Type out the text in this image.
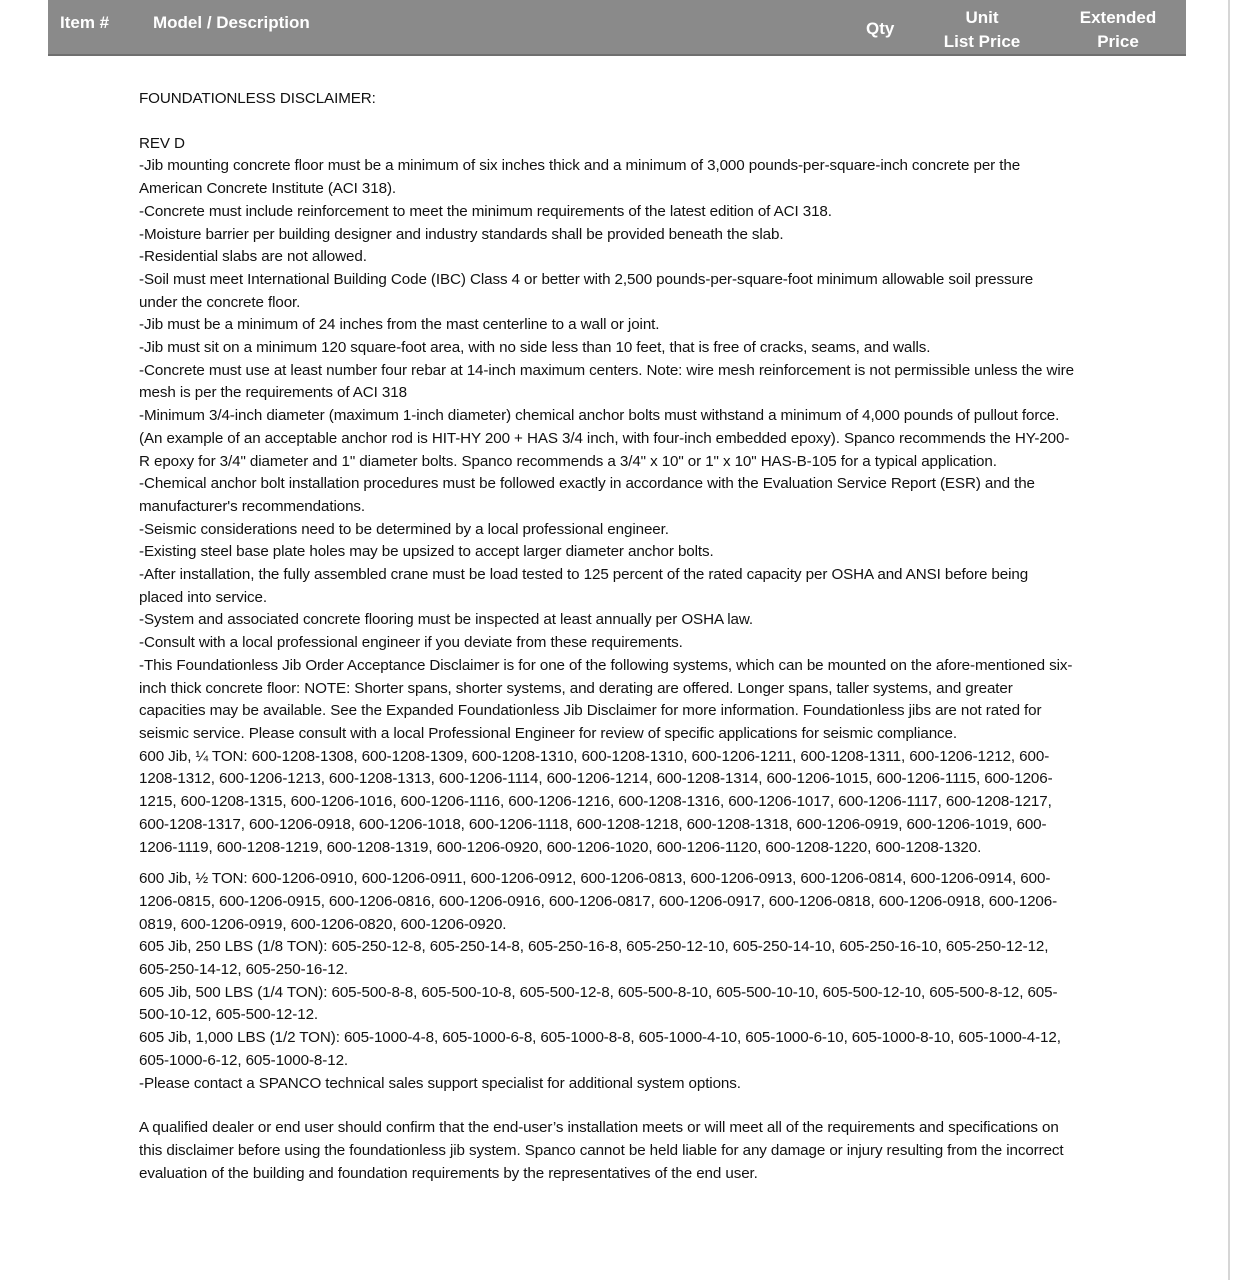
Item #	Model / Description	Qty
Unit
List Price
Extended
Price

FOUNDATIONLESS DISCLAIMER:

REV D

-Jib mounting concrete floor must be a minimum of six inches thick and a minimum of 3,000 pounds-per-square-inch concrete per the American Concrete Institute (ACI 318).

-Concrete must include reinforcement to meet the minimum requirements of the latest edition of ACI 318.

-Moisture barrier per building designer and industry standards shall be provided beneath the slab.

-Residential slabs are not allowed.

-Soil must meet International Building Code (IBC) Class 4 or better with 2,500 pounds-per-square-foot minimum allowable soil pressure under the concrete floor.

-Jib must be a minimum of 24 inches from the mast centerline to a wall or joint.

-Jib must sit on a minimum 120 square-foot area, with no side less than 10 feet, that is free of cracks, seams, and walls.

-Concrete must use at least number four rebar at 14-inch maximum centers. Note: wire mesh reinforcement is not permissible unless the wire mesh is per the requirements of ACI 318

-Minimum 3/4-inch diameter (maximum 1-inch diameter) chemical anchor bolts must withstand a minimum of 4,000 pounds of pullout force. (An example of an acceptable anchor rod is HIT-HY 200 + HAS 3/4 inch, with four-inch embedded epoxy). Spanco recommends the HY-200-R epoxy for 3/4" diameter and 1" diameter bolts. Spanco recommends a 3/4" x 10" or 1" x 10" HAS-B-105 for a typical application.

-Chemical anchor bolt installation procedures must be followed exactly in accordance with the Evaluation Service Report (ESR) and the manufacturer's recommendations.

-Seismic considerations need to be determined by a local professional engineer.

-Existing steel base plate holes may be upsized to accept larger diameter anchor bolts.

-After installation, the fully assembled crane must be load tested to 125 percent of the rated capacity per OSHA and ANSI before being placed into service.

-System and associated concrete flooring must be inspected at least annually per OSHA law.

-Consult with a local professional engineer if you deviate from these requirements.

-This Foundationless Jib Order Acceptance Disclaimer is for one of the following systems, which can be mounted on the afore-mentioned six-inch thick concrete floor: NOTE: Shorter spans, shorter systems, and derating are offered. Longer spans, taller systems, and greater capacities may be available. See the Expanded Foundationless Jib Disclaimer for more information. Foundationless jibs are not rated for seismic service. Please consult with a local Professional Engineer for review of specific applications for seismic compliance.

600 Jib, ¼ TON: 600-1208-1308, 600-1208-1309, 600-1208-1310, 600-1208-1310, 600-1206-1211, 600-1208-1311, 600-1206-1212, 600-1208-1312, 600-1206-1213, 600-1208-1313, 600-1206-1114, 600-1206-1214, 600-1208-1314, 600-1206-1015, 600-1206-1115, 600-1206-1215, 600-1208-1315, 600-1206-1016, 600-1206-1116, 600-1206-1216, 600-1208-1316, 600-1206-1017, 600-1206-1117, 600-1208-1217, 600-1208-1317, 600-1206-0918, 600-1206-1018, 600-1206-1118, 600-1208-1218, 600-1208-1318, 600-1206-0919, 600-1206-1019, 600-1206-1119, 600-1208-1219, 600-1208-1319, 600-1206-0920, 600-1206-1020, 600-1206-1120, 600-1208-1220, 600-1208-1320.

600 Jib, ½ TON: 600-1206-0910, 600-1206-0911, 600-1206-0912, 600-1206-0813, 600-1206-0913, 600-1206-0814, 600-1206-0914, 600-1206-0815, 600-1206-0915, 600-1206-0816, 600-1206-0916, 600-1206-0817, 600-1206-0917, 600-1206-0818, 600-1206-0918, 600-1206-0819, 600-1206-0919, 600-1206-0820, 600-1206-0920.

605 Jib, 250 LBS (1/8 TON): 605-250-12-8, 605-250-14-8, 605-250-16-8, 605-250-12-10, 605-250-14-10, 605-250-16-10, 605-250-12-12, 605-250-14-12, 605-250-16-12.

605 Jib, 500 LBS (1/4 TON): 605-500-8-8, 605-500-10-8, 605-500-12-8, 605-500-8-10, 605-500-10-10, 605-500-12-10, 605-500-8-12, 605-500-10-12, 605-500-12-12.

605 Jib, 1,000 LBS (1/2 TON): 605-1000-4-8, 605-1000-6-8, 605-1000-8-8, 605-1000-4-10, 605-1000-6-10, 605-1000-8-10, 605-1000-4-12, 605-1000-6-12, 605-1000-8-12.

-Please contact a SPANCO technical sales support specialist for additional system options.

A qualified dealer or end user should confirm that the end-user’s installation meets or will meet all of the requirements and specifications on this disclaimer before using the foundationless jib system. Spanco cannot be held liable for any damage or injury resulting from the incorrect evaluation of the building and foundation requirements by the representatives of the end user.
